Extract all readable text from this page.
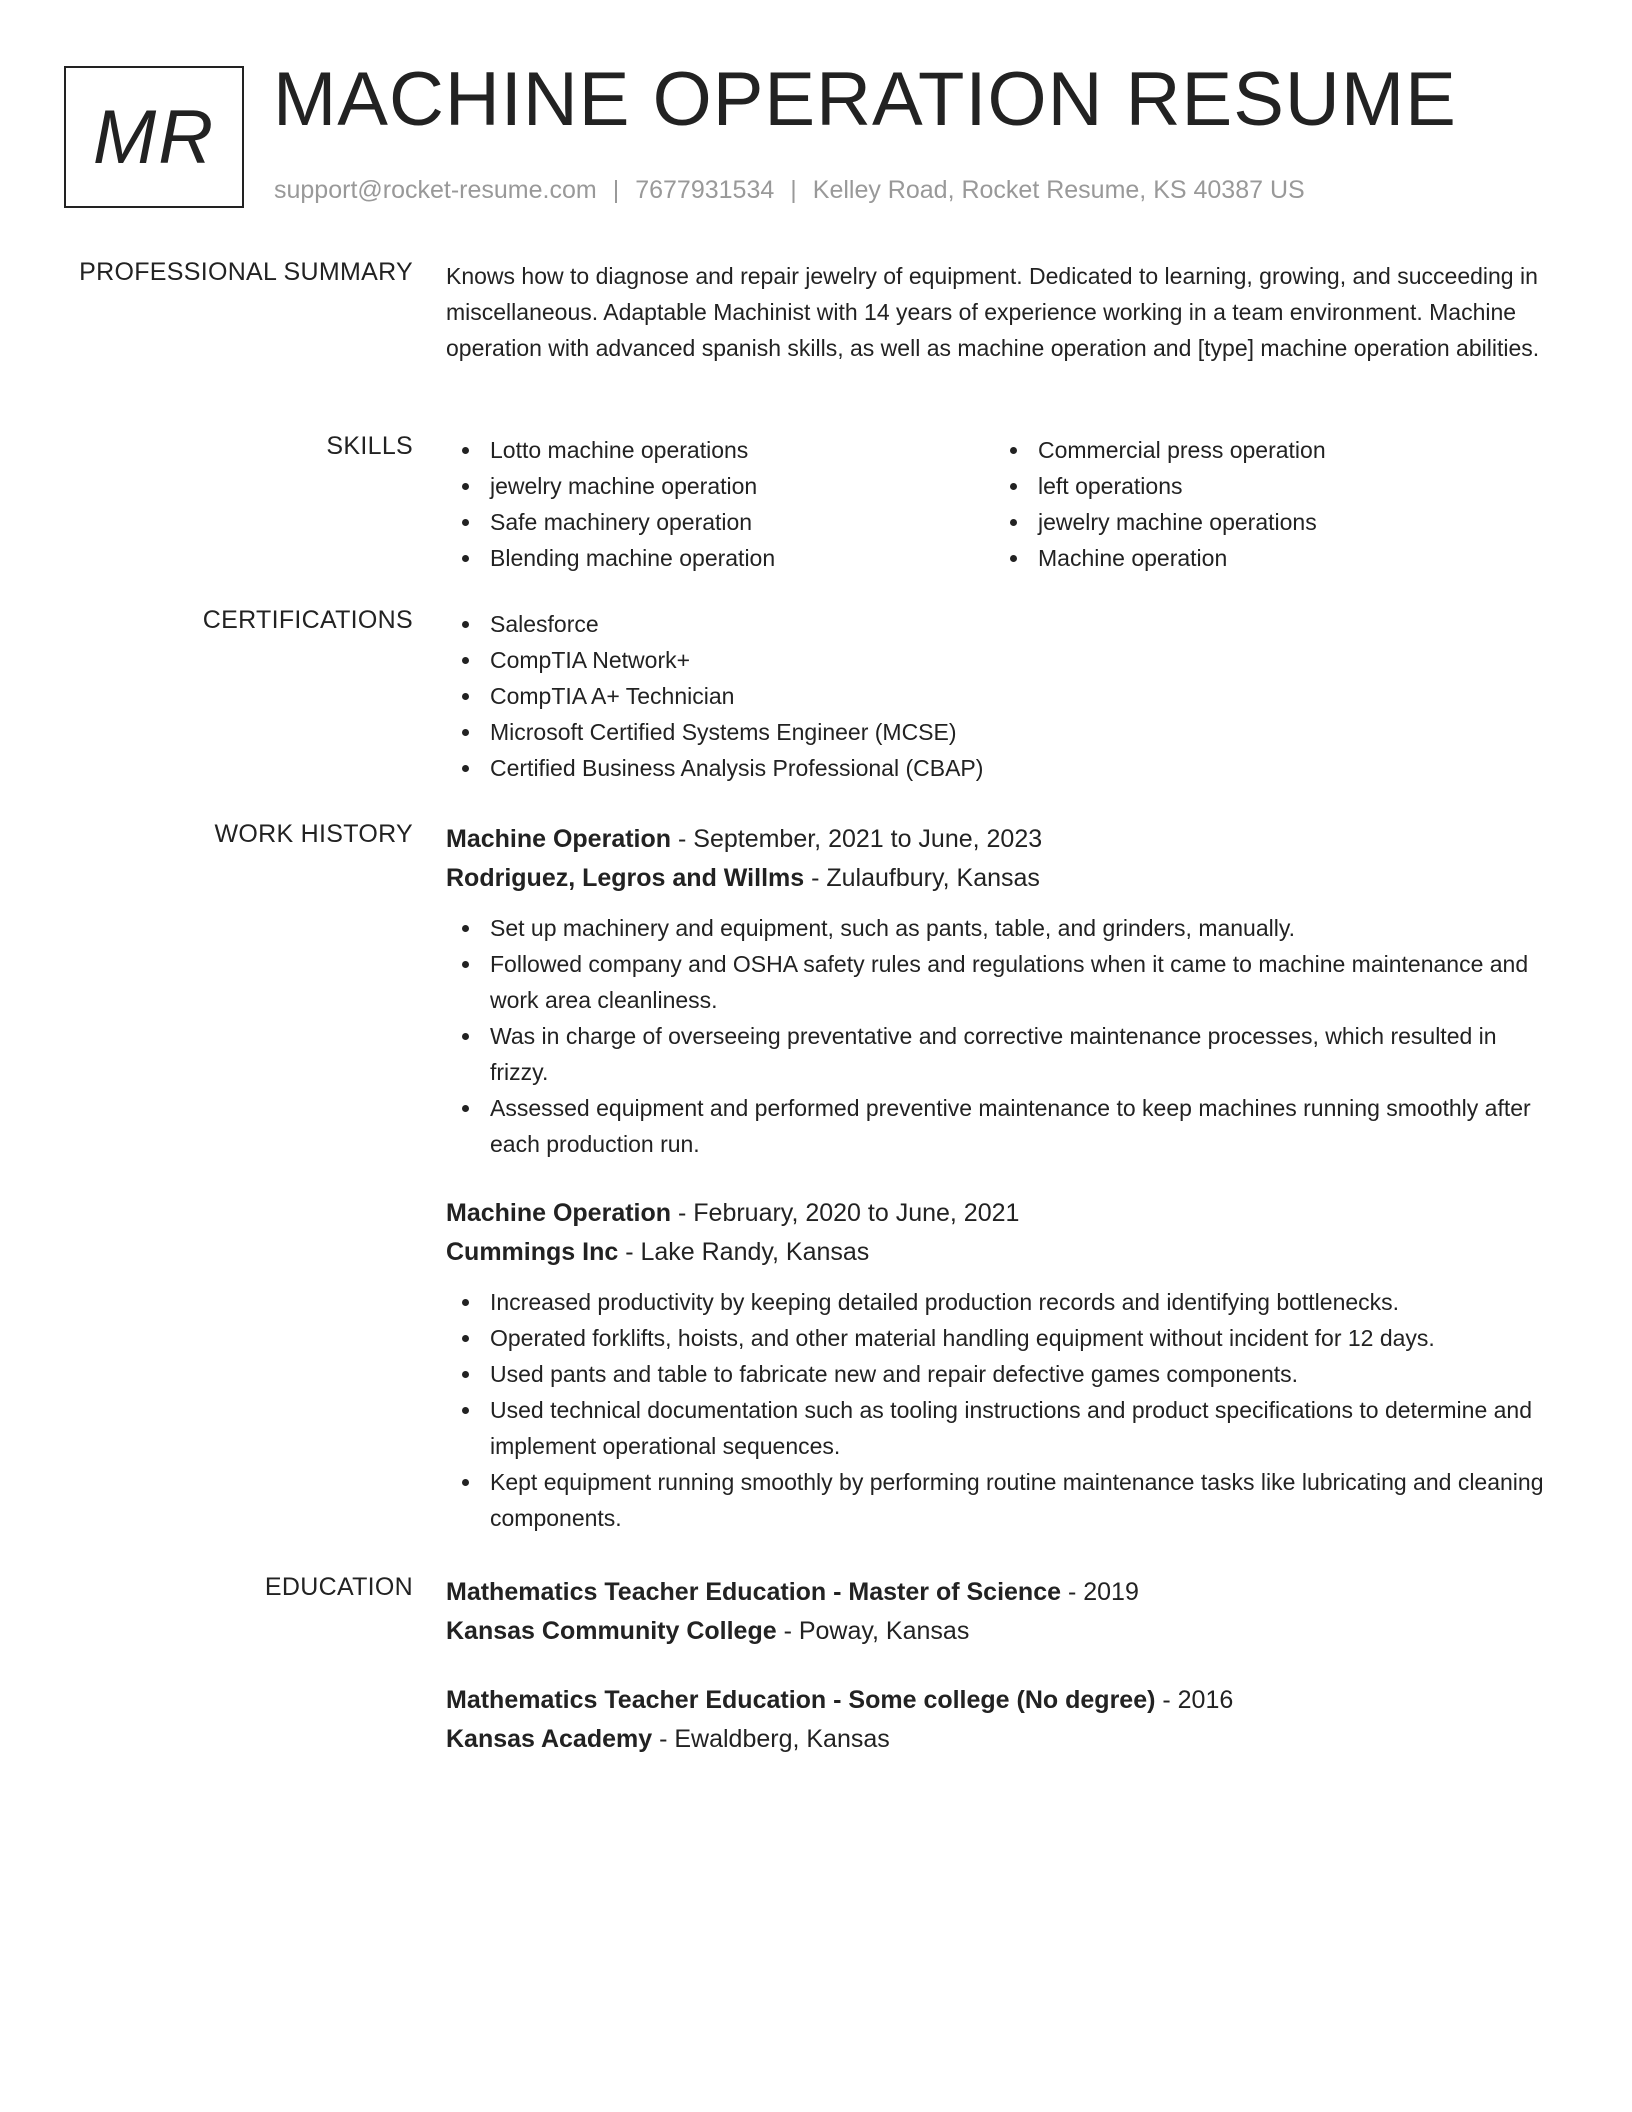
MR MACHINE OPERATION RESUME
support@rocket-resume.com | 7677931534 | Kelley Road, Rocket Resume, KS 40387 US
PROFESSIONAL SUMMARY Knows how to diagnose and repair jewelry of equipment. Dedicated to learning, growing, and succeeding in miscellaneous. Adaptable Machinist with 14 years of experience working in a team environment. Machine operation with advanced spanish skills, as well as machine operation and [type] machine operation abilities.

SKILLS	Lotto machine operations
jewelry machine operation
Safe machinery operation
Blending machine operation
Commercial press operation
left operations
jewelry machine operations
Machine operation
CERTIFICATIONS	Salesforce
CompTIA Network+
CompTIA A+ Technician
Microsoft Certified Systems Engineer (MCSE)
Certified Business Analysis Professional (CBAP)
WORK HISTORY Machine Operation - September, 2021 to June, 2023
Rodriguez, Legros and Willms - Zulaufbury, Kansas
Set up machinery and equipment, such as pants, table, and grinders, manually.
Followed company and OSHA safety rules and regulations when it came to machine maintenance and work area cleanliness.
Was in charge of overseeing preventative and corrective maintenance processes, which resulted in frizzy.
Assessed equipment and performed preventive maintenance to keep machines running smoothly after each production run.
Machine Operation - February, 2020 to June, 2021
Cummings Inc - Lake Randy, Kansas
Increased productivity by keeping detailed production records and identifying bottlenecks.
Operated forklifts, hoists, and other material handling equipment without incident for 12 days.
Used pants and table to fabricate new and repair defective games components.
Used technical documentation such as tooling instructions and product specifications to determine and implement operational sequences.
Kept equipment running smoothly by performing routine maintenance tasks like lubricating and cleaning components.
EDUCATION Mathematics Teacher Education - Master of Science - 2019
Kansas Community College - Poway, Kansas
Mathematics Teacher Education - Some college (No degree) - 2016
Kansas Academy - Ewaldberg, Kansas
